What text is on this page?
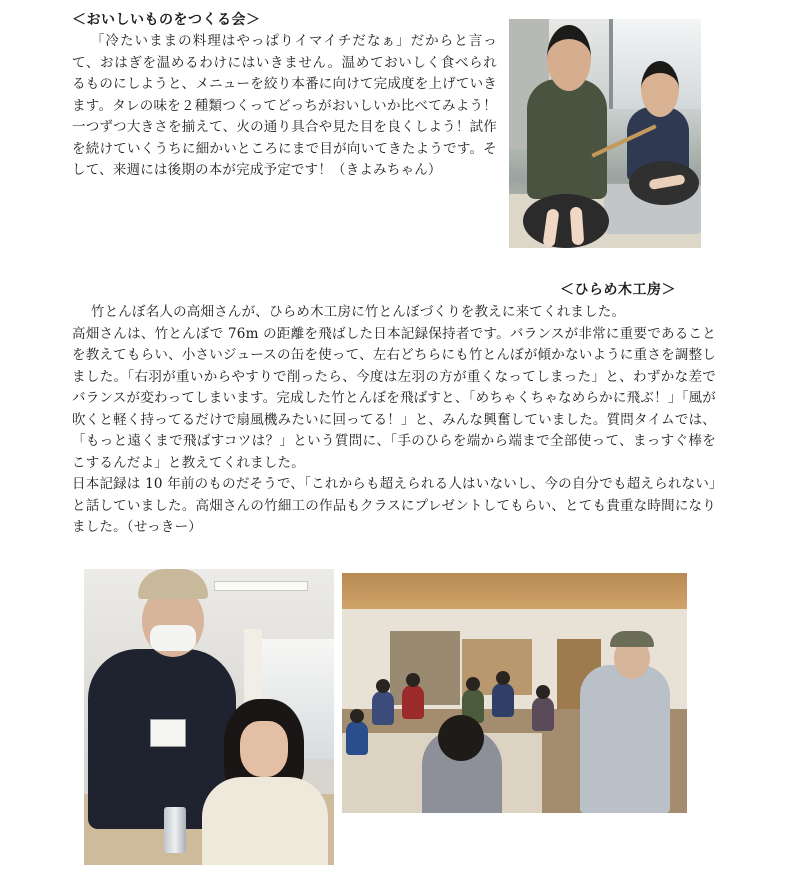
＜おいしいものをつくる会＞

「冷たいままの料理はやっぱりイマイチだなぁ」だからと言って、おはぎを温めるわけにはいきません。温めておいしく食べられるものにしようと、メニューを絞り本番に向けて完成度を上げていきます。タレの味を２種類つくってどっちがおいしいか比べてみよう！一つずつ大きさを揃えて、火の通り具合や見た目を良くしよう！試作を続けていくうちに細かいところにまで目が向いてきたようです。そして、来週には後期の本が完成予定です！（きよみちゃん）

＜ひらめ木工房＞

竹とんぼ名人の高畑さんが、ひらめ木工房に竹とんぼづくりを教えに来てくれました。

高畑さんは、竹とんぼで 76m の距離を飛ばした日本記録保持者です。バランスが非常に重要であることを教えてもらい、小さいジュースの缶を使って、左右どちらにも竹とんぼが傾かないように重さを調整しました。「右羽が重いからやすりで削ったら、今度は左羽の方が重くなってしまった」と、わずかな差でバランスが変わってしまいます。完成した竹とんぼを飛ばすと、「めちゃくちゃなめらかに飛ぶ！」「風が吹くと軽く持ってるだけで扇風機みたいに回ってる！」と、みんな興奮していました。質問タイムでは、「もっと遠くまで飛ばすコツは？」という質問に、「手のひらを端から端まで全部使って、まっすぐ棒をこするんだよ」と教えてくれました。

日本記録は 10 年前のものだそうで、「これからも超えられる人はいないし、今の自分でも超えられない」と話していました。高畑さんの竹細工の作品もクラスにプレゼントしてもらい、とても貴重な時間になりました。（せっきー）
